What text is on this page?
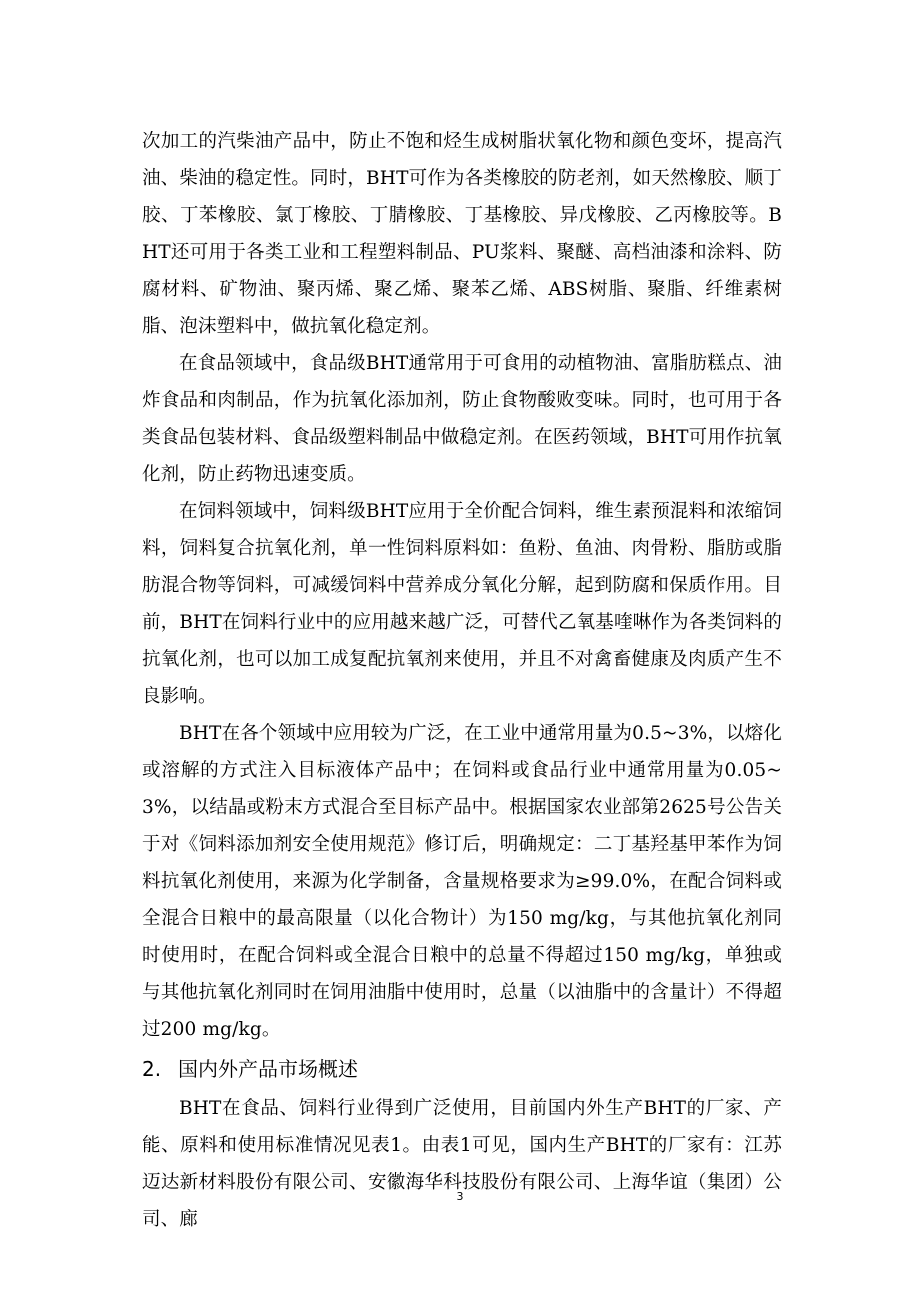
次加工的汽柴油产品中，防止不饱和烃生成树脂状氧化物和颜色变坏，提高汽油、柴油的稳定性。同时，BHT可作为各类橡胶的防老剂，如天然橡胶、顺丁胶、丁苯橡胶、氯丁橡胶、丁腈橡胶、丁基橡胶、异戊橡胶、乙丙橡胶等。BHT还可用于各类工业和工程塑料制品、PU浆料、聚醚、高档油漆和涂料、防腐材料、矿物油、聚丙烯、聚乙烯、聚苯乙烯、ABS树脂、聚脂、纤维素树脂、泡沫塑料中，做抗氧化稳定剂。

在食品领域中，食品级BHT通常用于可食用的动植物油、富脂肪糕点、油炸食品和肉制品，作为抗氧化添加剂，防止食物酸败变味。同时，也可用于各类食品包装材料、食品级塑料制品中做稳定剂。在医药领域，BHT可用作抗氧化剂，防止药物迅速变质。

在饲料领域中，饲料级BHT应用于全价配合饲料，维生素预混料和浓缩饲料，饲料复合抗氧化剂，单一性饲料原料如：鱼粉、鱼油、肉骨粉、脂肪或脂肪混合物等饲料，可减缓饲料中营养成分氧化分解，起到防腐和保质作用。目前，BHT在饲料行业中的应用越来越广泛，可替代乙氧基喹啉作为各类饲料的抗氧化剂，也可以加工成复配抗氧剂来使用，并且不对禽畜健康及肉质产生不良影响。

BHT在各个领域中应用较为广泛，在工业中通常用量为0.5~3%，以熔化或溶解的方式注入目标液体产品中；在饲料或食品行业中通常用量为0.05~3%，以结晶或粉末方式混合至目标产品中。根据国家农业部第2625号公告关于对《饲料添加剂安全使用规范》修订后，明确规定：二丁基羟基甲苯作为饲料抗氧化剂使用，来源为化学制备，含量规格要求为≥99.0%，在配合饲料或全混合日粮中的最高限量（以化合物计）为150 mg/kg，与其他抗氧化剂同时使用时，在配合饲料或全混合日粮中的总量不得超过150 mg/kg，单独或与其他抗氧化剂同时在饲用油脂中使用时，总量（以油脂中的含量计）不得超过200 mg/kg。

2. 国内外产品市场概述

BHT在食品、饲料行业得到广泛使用，目前国内外生产BHT的厂家、产能、原料和使用标准情况见表1。由表1可见，国内生产BHT的厂家有：江苏迈达新材料股份有限公司、安徽海华科技股份有限公司、上海华谊（集团）公司、廊

3
